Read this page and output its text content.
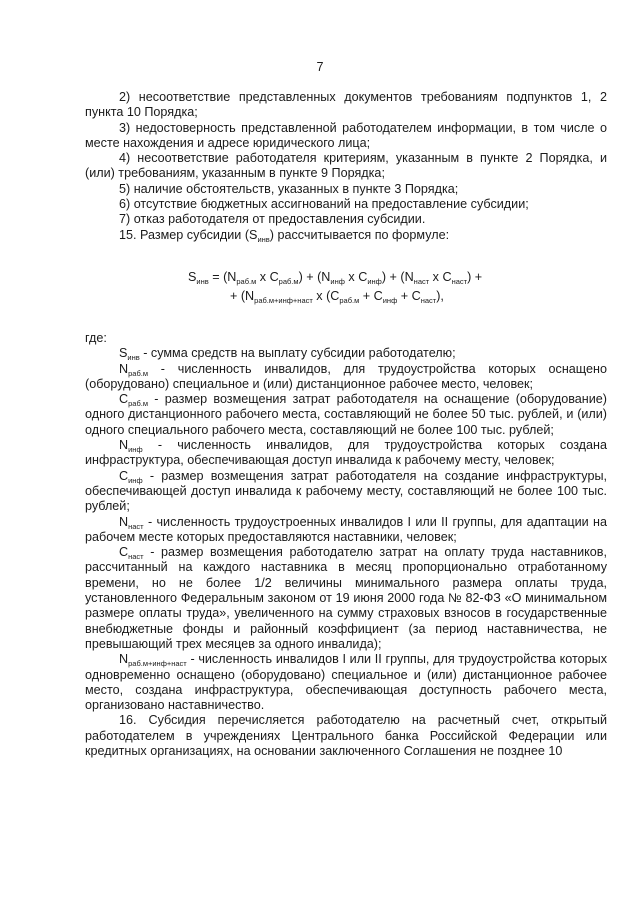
7

2) несоответствие представленных документов требованиям подпунктов 1, 2 пункта 10 Порядка;

3) недостоверность представленной работодателем информации, в том числе о месте нахождения и адресе юридического лица;

4) несоответствие работодателя критериям, указанным в пункте 2 Порядка, и (или) требованиям, указанным в пункте 9 Порядка;

5) наличие обстоятельств, указанных в пункте 3 Порядка;

6) отсутствие бюджетных ассигнований на предоставление субсидии;

7) отказ работодателя от предоставления субсидии.

15. Размер субсидии $(S_{инв})$ рассчитывается по формуле:

$S_{инв} = (N_{раб.м}$ x $C_{раб.м}) + (N_{инф}$ x $C_{инф}) + (N_{наст}$ x $C_{наст}$) +
+ ($N_{раб.м+инф+наст}$ x $(C_{раб.м} + C_{инф} + C_{наст})$,

где:

$S_{инв}$ - сумма средств на выплату субсидии работодателю;

$N_{раб.м}$ - численность инвалидов, для трудоустройства которых оснащено (оборудовано) специальное и (или) дистанционное рабочее место, человек;

$C_{раб.м}$ - размер возмещения затрат работодателя на оснащение (оборудование) одного дистанционного рабочего места, составляющий не более 50 тыс. рублей, и (или) одного специального рабочего места, составляющий не более 100 тыс. рублей;

$N_{инф}$ - численность инвалидов, для трудоустройства которых создана инфраструктура, обеспечивающая доступ инвалида к рабочему месту, человек;

$C_{инф}$ - размер возмещения затрат работодателя на создание инфраструктуры, обеспечивающей доступ инвалида к рабочему месту, составляющий не более 100 тыс. рублей;

$N_{наст}$ - численность трудоустроенных инвалидов I или II группы, для адаптации на рабочем месте которых предоставляются наставники, человек;

$C_{наст}$ - размер возмещения работодателю затрат на оплату труда наставников, рассчитанный на каждого наставника в месяц пропорционально отработанному времени, но не более 1/2 величины минимального размера оплаты труда, установленного Федеральным законом от 19 июня 2000 года № 82-ФЗ «О минимальном размере оплаты труда», увеличенного на сумму страховых взносов в государственные внебюджетные фонды и районный коэффициент (за период наставничества, не превышающий трех месяцев за одного инвалида);

$N_{раб.м+инф+наст}$ - численность инвалидов I или II группы, для трудоустройства которых одновременно оснащено (оборудовано) специальное и (или) дистанционное рабочее место, создана инфраструктура, обеспечивающая доступность рабочего места, организовано наставничество.

16. Субсидия перечисляется работодателю на расчетный счет, открытый работодателем в учреждениях Центрального банка Российской Федерации или кредитных организациях, на основании заключенного Соглашения не позднее 10
